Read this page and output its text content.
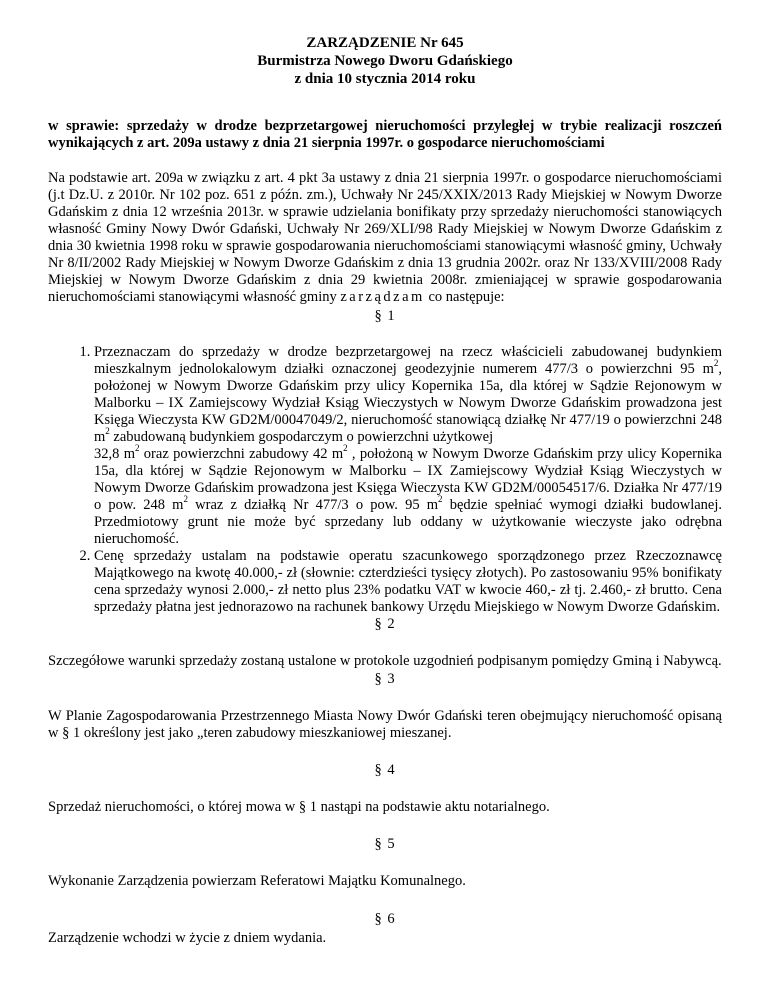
ZARZĄDZENIE Nr 645
Burmistrza Nowego Dworu Gdańskiego
z dnia 10 stycznia 2014 roku
w sprawie: sprzedaży w drodze bezprzetargowej nieruchomości przyległej w trybie realizacji roszczeń wynikających z art. 209a ustawy z dnia 21 sierpnia 1997r. o gospodarce nieruchomościami
Na podstawie art. 209a w związku z art. 4 pkt 3a ustawy z dnia 21 sierpnia 1997r. o gospodarce nieruchomościami (j.t Dz.U. z 2010r. Nr 102 poz. 651 z późn. zm.), Uchwały Nr 245/XXIX/2013 Rady Miejskiej w Nowym Dworze Gdańskim z dnia 12 września 2013r. w sprawie udzielania bonifikaty przy sprzedaży nieruchomości stanowiących własność Gminy Nowy Dwór Gdański, Uchwały Nr 269/XLI/98 Rady Miejskiej w Nowym Dworze Gdańskim z dnia 30 kwietnia 1998 roku w sprawie gospodarowania nieruchomościami stanowiącymi własność gminy, Uchwały Nr 8/II/2002 Rady Miejskiej w Nowym Dworze Gdańskim z dnia 13 grudnia 2002r. oraz Nr 133/XVIII/2008 Rady Miejskiej w Nowym Dworze Gdańskim z dnia 29 kwietnia 2008r. zmieniającej w sprawie gospodarowania nieruchomościami stanowiącymi własność gminy zarządzam co następuje:
§ 1
1. Przeznaczam do sprzedaży w drodze bezprzetargowej na rzecz właścicieli zabudowanej budynkiem mieszkalnym jednolokalowym działki oznaczonej geodezyjnie numerem 477/3 o powierzchni 95 $m^2$, położonej w Nowym Dworze Gdańskim przy ulicy Kopernika 15a, dla której w Sądzie Rejonowym w Malborku – IX Zamiejscowy Wydział Ksiąg Wieczystych w Nowym Dworze Gdańskim prowadzona jest Księga Wieczysta KW GD2M/00047049/2, nieruchomość stanowiącą działkę Nr 477/19 o powierzchni 248 $m^2$ zabudowaną budynkiem gospodarczym o powierzchni użytkowej
32,8 $m^2$ oraz powierzchni zabudowy 42 $m^2$ , położoną w Nowym Dworze Gdańskim przy ulicy Kopernika 15a, dla której w Sądzie Rejonowym w Malborku – IX Zamiejscowy Wydział Ksiąg Wieczystych w Nowym Dworze Gdańskim prowadzona jest Księga Wieczysta KW GD2M/00054517/6. Działka Nr 477/19 o pow. 248 $m^2$ wraz z działką Nr 477/3 o pow. 95 $m^2$ będzie spełniać wymogi działki budowlanej. Przedmiotowy grunt nie może być sprzedany lub oddany w użytkowanie wieczyste jako odrębna nieruchomość.
2. Cenę sprzedaży ustalam na podstawie operatu szacunkowego sporządzonego przez Rzeczoznawcę Majątkowego na kwotę 40.000,- zł (słownie: czterdzieści tysięcy złotych). Po zastosowaniu 95% bonifikaty cena sprzedaży wynosi 2.000,- zł netto plus 23% podatku VAT w kwocie 460,- zł tj. 2.460,- zł brutto. Cena sprzedaży płatna jest jednorazowo na rachunek bankowy Urzędu Miejskiego w Nowym Dworze Gdańskim.
§ 2
Szczegółowe warunki sprzedaży zostaną ustalone w protokole uzgodnień podpisanym pomiędzy Gminą i Nabywcą.
§ 3
W Planie Zagospodarowania Przestrzennego Miasta Nowy Dwór Gdański teren obejmujący nieruchomość opisaną w § 1 określony jest jako „teren zabudowy mieszkaniowej mieszanej.
§ 4
Sprzedaż nieruchomości, o której mowa w § 1 nastąpi na podstawie aktu notarialnego.
§ 5
Wykonanie Zarządzenia powierzam Referatowi Majątku Komunalnego.
§ 6
Zarządzenie wchodzi w życie z dniem wydania.
